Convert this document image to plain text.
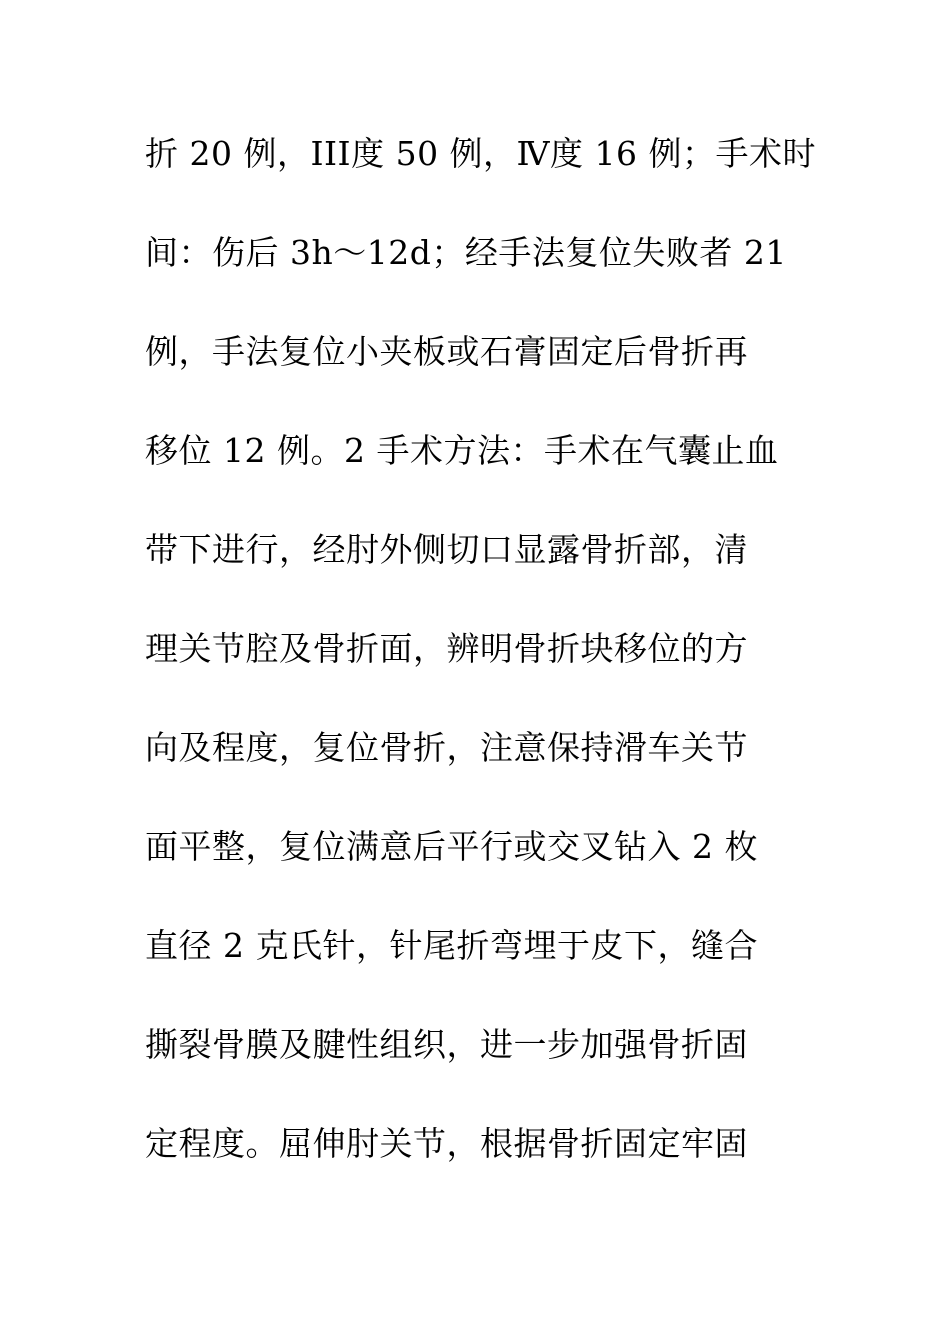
折 20 例，III度 50 例，Ⅳ度 16 例；手术时
间：伤后 3h～12d；经手法复位失败者 21
例，手法复位小夹板或石膏固定后骨折再
移位 12 例。2 手术方法：手术在气囊止血
带下进行，经肘外侧切口显露骨折部，清
理关节腔及骨折面，辨明骨折块移位的方
向及程度，复位骨折，注意保持滑车关节
面平整，复位满意后平行或交叉钻入 2 枚
直径 2 克氏针，针尾折弯埋于皮下，缝合
撕裂骨膜及腱性组织，进一步加强骨折固
定程度。屈伸肘关节，根据骨折固定牢固
